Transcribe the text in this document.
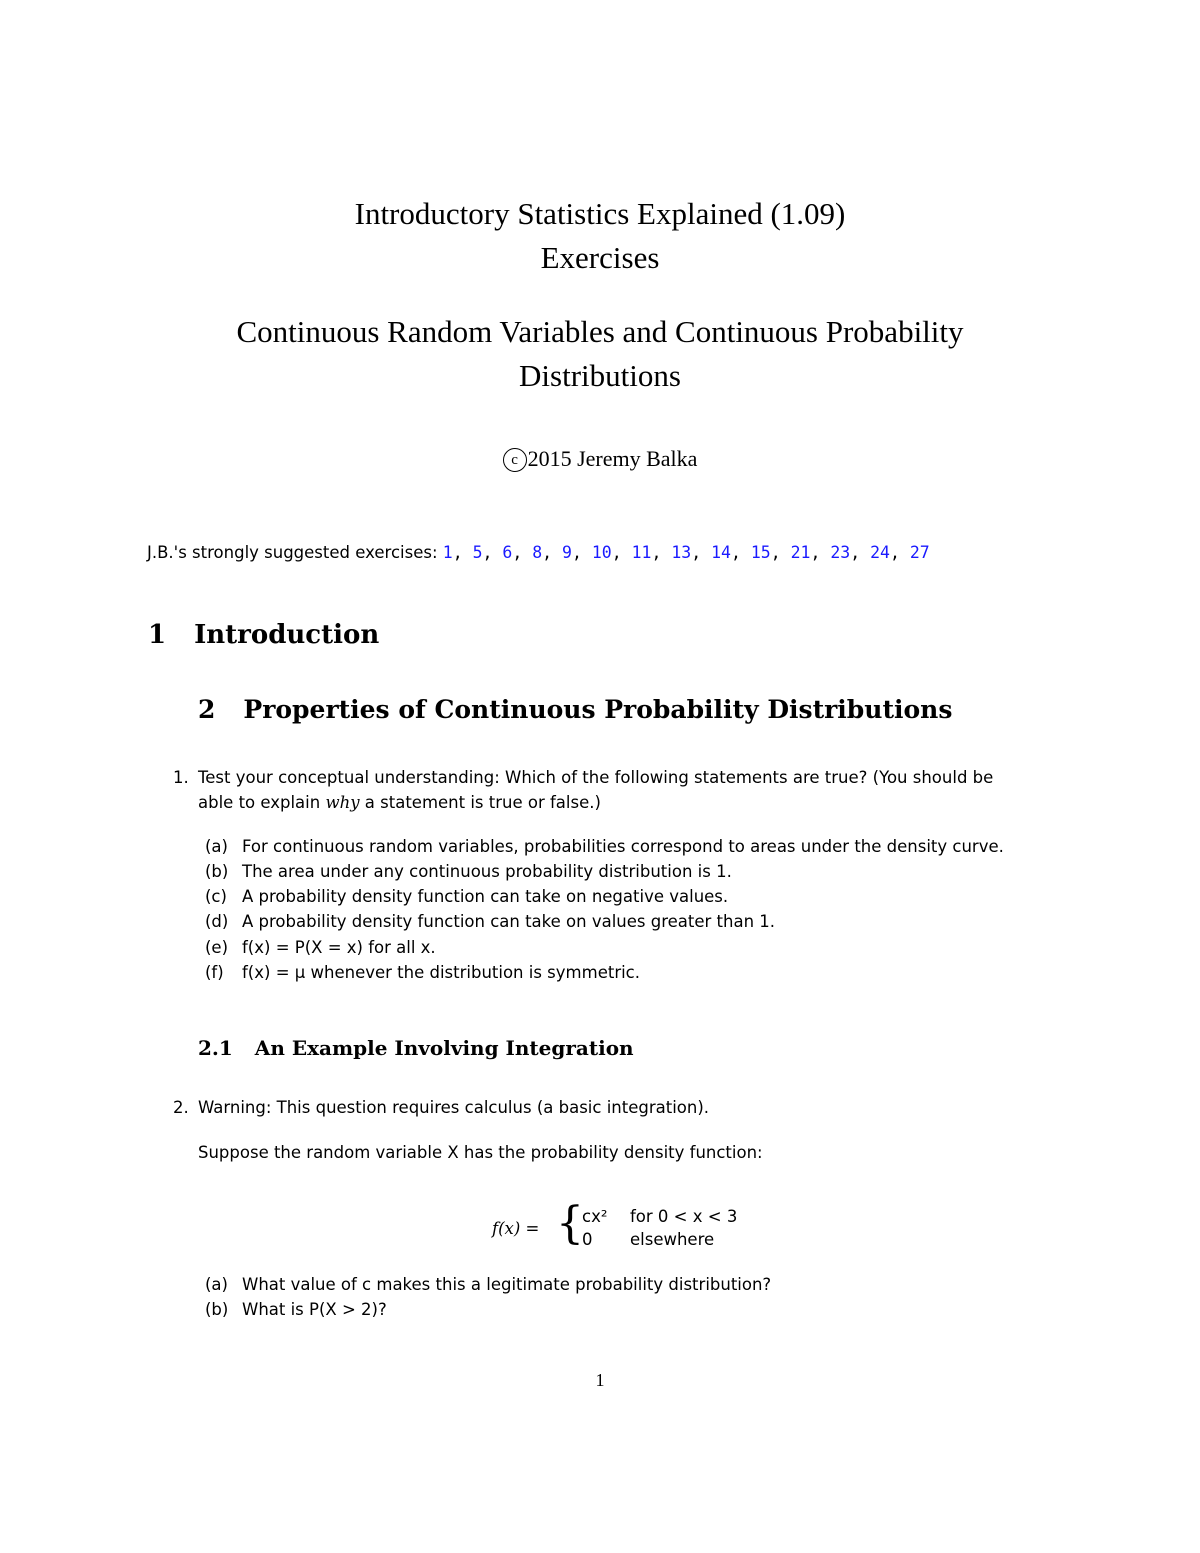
Introductory Statistics Explained (1.09)
Exercises
Continuous Random Variables and Continuous Probability
Distributions
c 2015 Jeremy Balka
J.B.'s strongly suggested exercises: 1, 5, 6, 8, 9, 10, 11, 13, 14, 15, 21, 23, 24, 27
1 Introduction
2 Properties of Continuous Probability Distributions
1. Test your conceptual understanding: Which of the following statements are true? (You should be
able to explain why a statement is true or false.)
(a) For continuous random variables, probabilities correspond to areas under the density curve.
(b) The area under any continuous probability distribution is 1.
(c) A probability density function can take on negative values.
(d) A probability density function can take on values greater than 1.
(e) f(x) = P(X = x) for all x.
(f) f(x) = μ whenever the distribution is symmetric.
2.1 An Example Involving Integration
2. Warning: This question requires calculus (a basic integration).
Suppose the random variable X has the probability density function:
f(x) = {
cx² for 0 < x < 3
0 elsewhere
(a) What value of c makes this a legitimate probability distribution?
(b) What is P(X > 2)?
1
